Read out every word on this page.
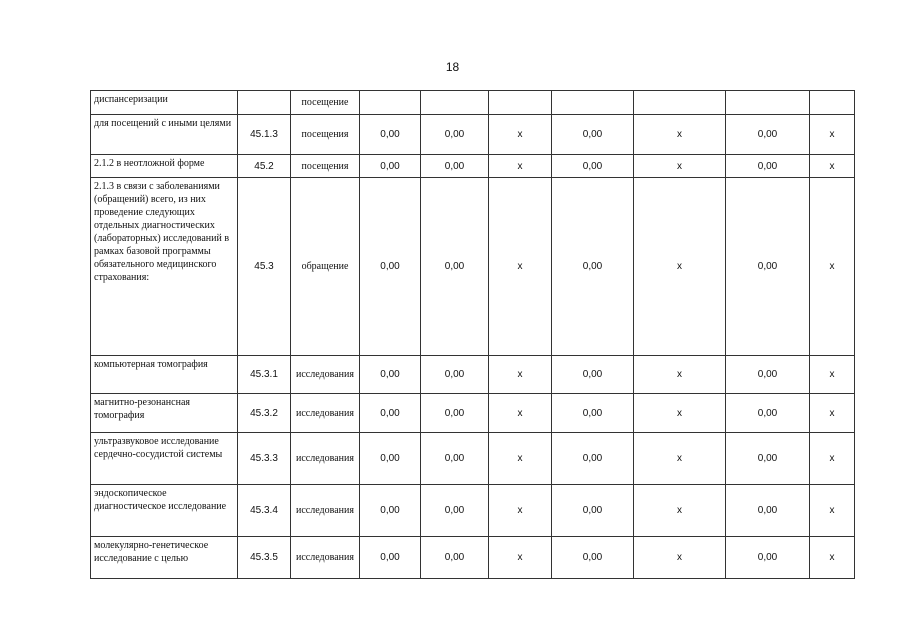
18
диспансеризации		посещение							
для посещений с иными целями	45.1.3	посещения	0,00	0,00	x	0,00	x	0,00	x
2.1.2 в неотложной форме	45.2	посещения	0,00	0,00	x	0,00	x	0,00	x
2.1.3 в связи с заболеваниями (обращений) всего, из них проведение следующих отдельных диагностических (лабораторных) исследований в рамках базовой программы обязательного медицинского страхования:	45.3	обращение	0,00	0,00	x	0,00	x	0,00	x
компьютерная томография	45.3.1	исследования	0,00	0,00	x	0,00	x	0,00	x
магнитно-резонансная томография	45.3.2	исследования	0,00	0,00	x	0,00	x	0,00	x
ультразвуковое исследование сердечно-сосудистой системы	45.3.3	исследования	0,00	0,00	x	0,00	x	0,00	x
эндоскопическое диагностическое исследование	45.3.4	исследования	0,00	0,00	x	0,00	x	0,00	x
молекулярно-генетическое исследование с целью	45.3.5	исследования	0,00	0,00	x	0,00	x	0,00	x
